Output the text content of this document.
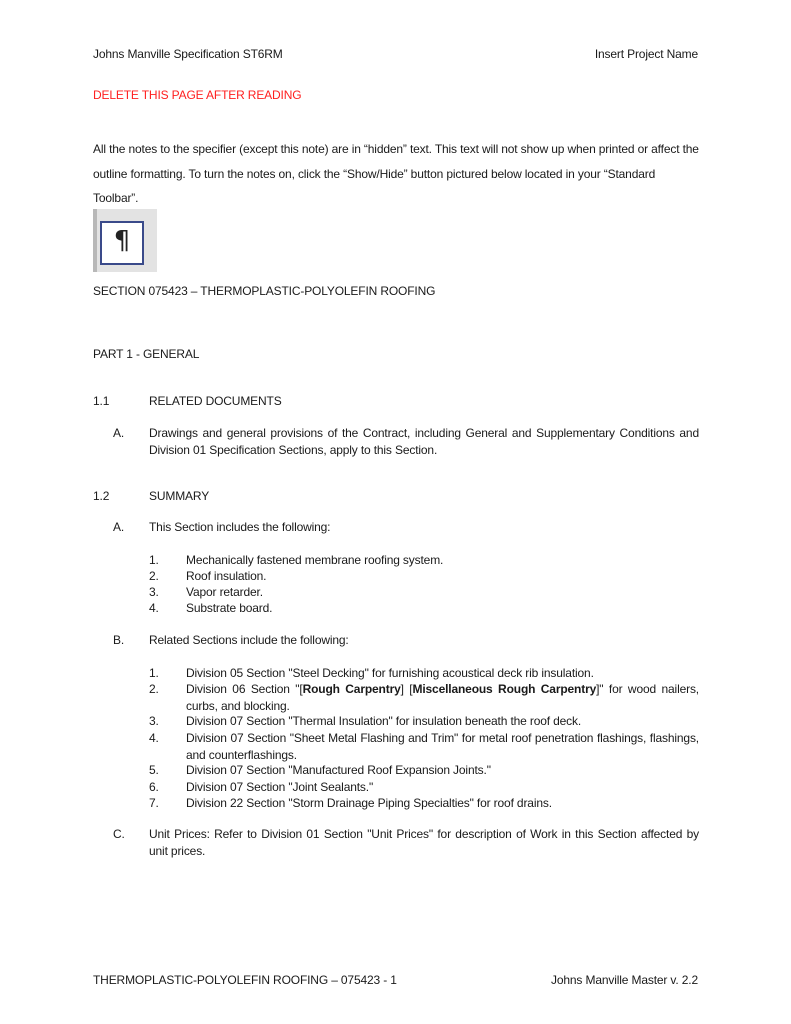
Johns Manville Specification ST6RM	Insert Project Name
DELETE THIS PAGE AFTER READING
All the notes to the specifier (except this note) are in “hidden” text. This text will not show up when printed or affect the outline formatting. To turn the notes on, click the “Show/Hide” button pictured below located in your “Standard Toolbar”.
¶
SECTION 075423 – THERMOPLASTIC-POLYOLEFIN ROOFING
PART 1 - GENERAL
1.1	RELATED DOCUMENTS
A. Drawings and general provisions of the Contract, including General and Supplementary Conditions and Division 01 Specification Sections, apply to this Section.
1.2	SUMMARY
A. This Section includes the following:
1. Mechanically fastened membrane roofing system.
2. Roof insulation.
3. Vapor retarder.
4. Substrate board.
B. Related Sections include the following:
1. Division 05 Section "Steel Decking" for furnishing acoustical deck rib insulation.
2. Division 06 Section "[Rough Carpentry] [Miscellaneous Rough Carpentry]" for wood nailers, curbs, and blocking.
3. Division 07 Section "Thermal Insulation" for insulation beneath the roof deck.
4. Division 07 Section "Sheet Metal Flashing and Trim" for metal roof penetration flashings, flashings, and counterflashings.
5. Division 07 Section "Manufactured Roof Expansion Joints."
6. Division 07 Section "Joint Sealants."
7. Division 22 Section "Storm Drainage Piping Specialties" for roof drains.
C. Unit Prices: Refer to Division 01 Section "Unit Prices" for description of Work in this Section affected by unit prices.
THERMOPLASTIC-POLYOLEFIN ROOFING – 075423 - 1	Johns Manville Master v. 2.2
